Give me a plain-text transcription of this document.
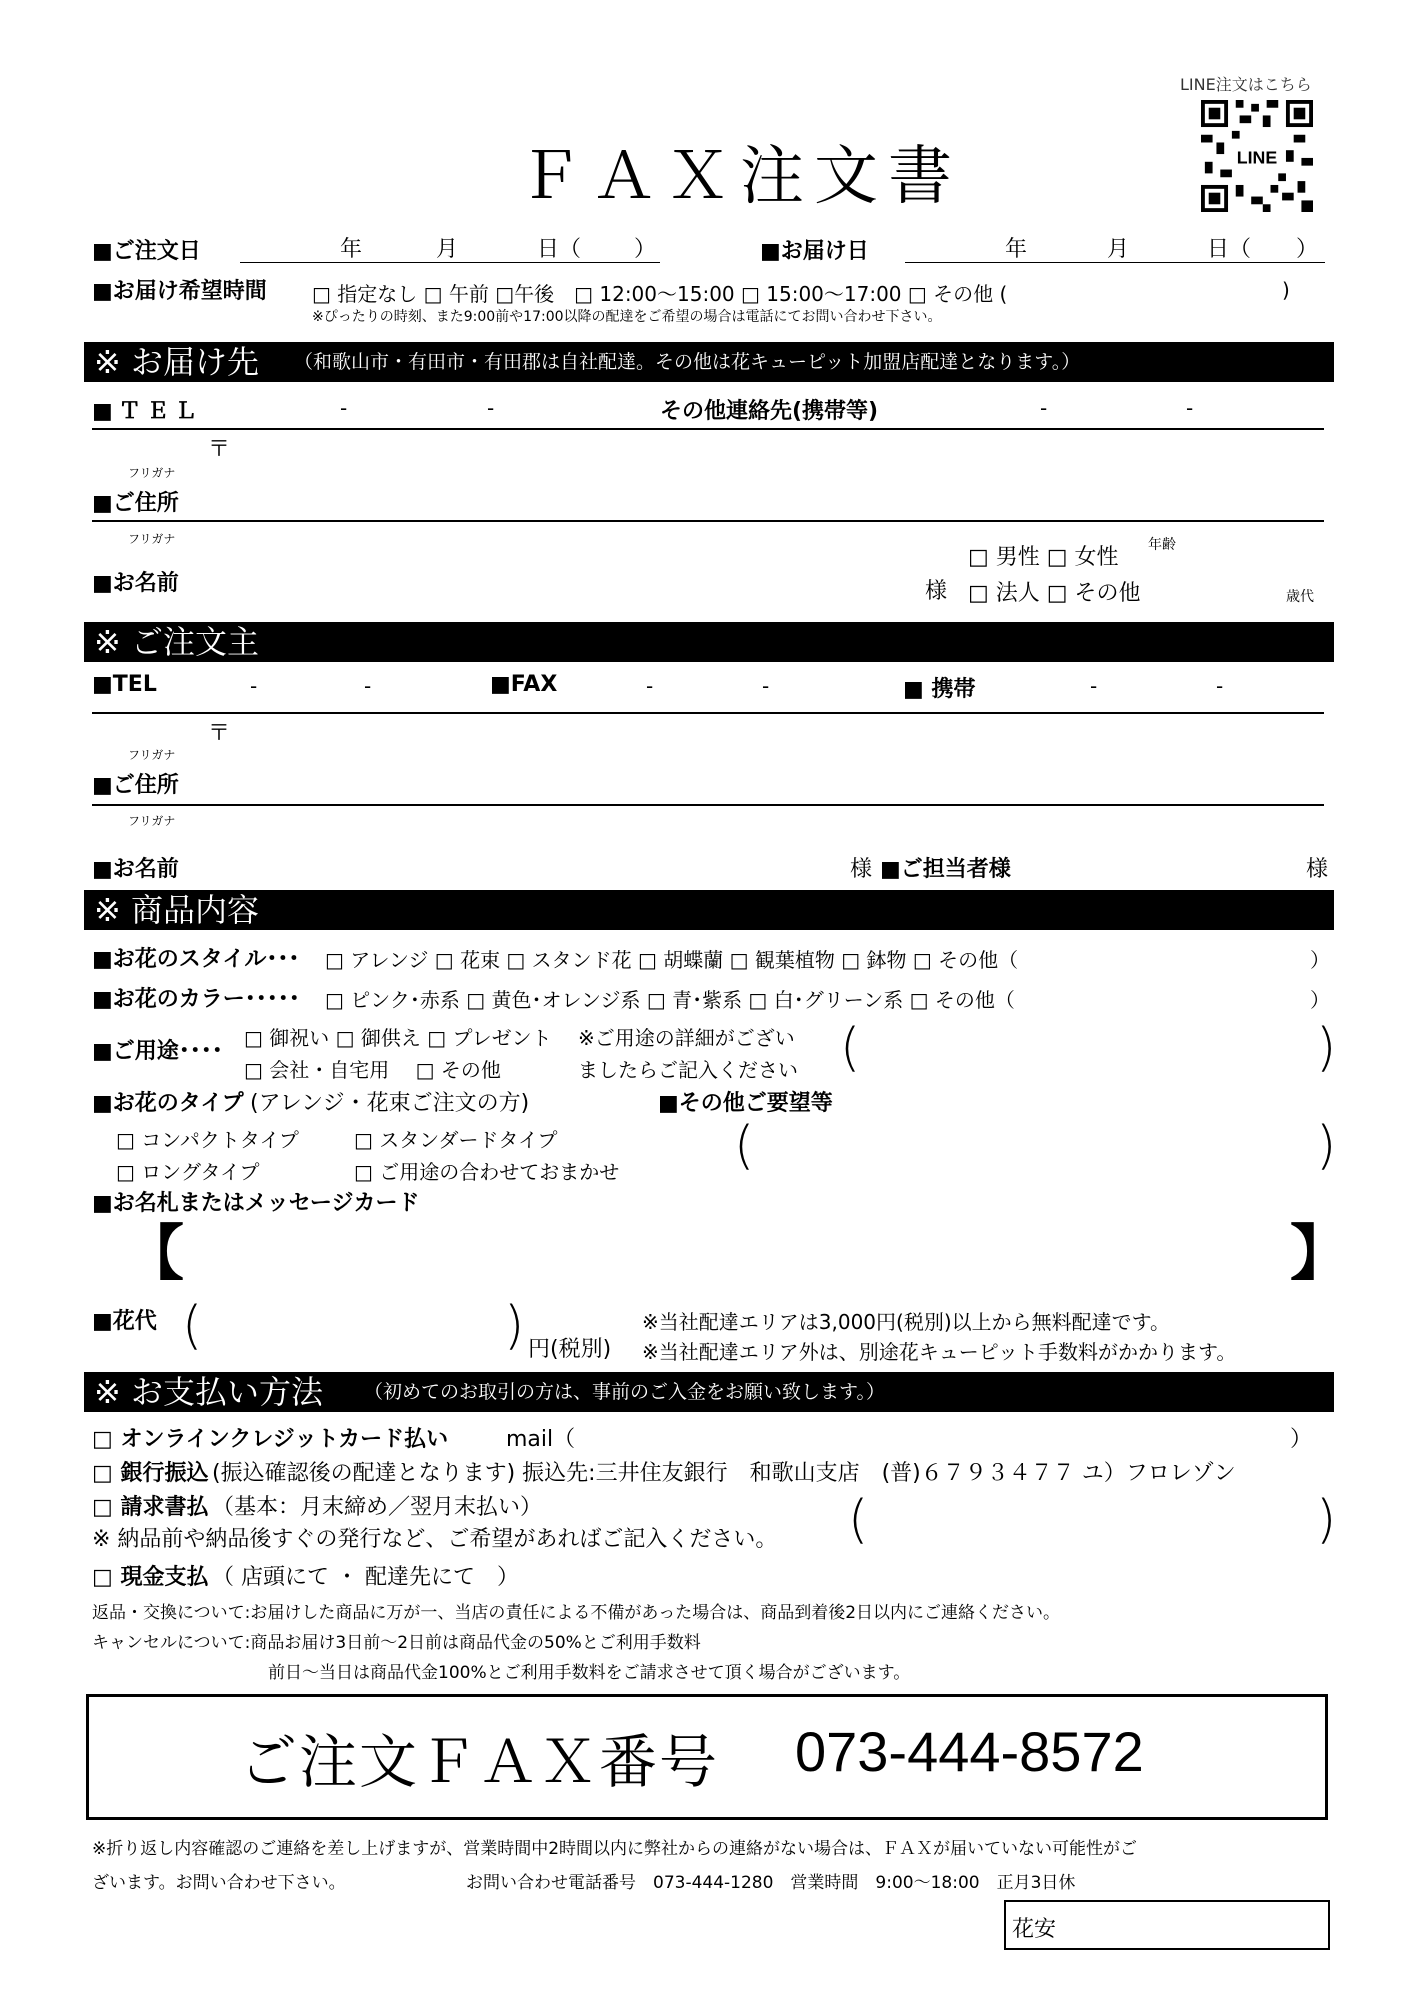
LINE注文はこちら
LINE
ＦＡＸ注文書
■ご注文日	年	月	日（ ）	■お届け日	年	月	日（ ）
■お届け希望時間 □ 指定なし □ 午前 □午後　□ 12:00〜15:00 □ 15:00〜17:00 □ その他 (	)
※ぴったりの時刻、また9:00前や17:00以降の配達をご希望の場合は電話にてお問い合わせ下さい。
※ お届け先 （和歌山市・有田市・有田郡は自社配達。その他は花キューピット加盟店配達となります。）
■ＴＥＬ	-	-	その他連絡先(携帯等)	-	-
〒
フリガナ
■ご住所
フリガナ
■お名前	様
□ 男性 □ 女性
□ 法人 □ その他
年齢
歳代
※ ご注文主
■TEL	-	-	■FAX	-	-	■ 携帯	-	-
〒
フリガナ
■ご住所
フリガナ
■お名前	様 ■ご担当者様	様
※ 商品内容
■お花のスタイル･･･ □ アレンジ □ 花束 □ スタンド花 □ 胡蝶蘭 □ 観葉植物 □ 鉢物 □ その他（	）
■お花のカラー･････ □ ピンク･赤系 □ 黄色･オレンジ系 □ 青･紫系 □ 白･グリーン系 □ その他（	）
■ご用途････
□ 御祝い □ 御供え □ プレゼント
□ 会社・自宅用　 □ その他
※ご用途の詳細がござい
ましたらご記入ください (	)
■お花のタイプ (アレンジ・花束ご注文の方)	■その他ご要望等
□ コンパクトタイプ	□ スタンダードタイプ
□ ロングタイプ	□ ご用途の合わせておまかせ (	)
■お名札またはメッセージカード
【	】
■花代 (	) 円(税別)
※当社配達エリアは3,000円(税別)以上から無料配達です。
※当社配達エリア外は、別途花キューピット手数料がかかります。
※ お支払い方法 （初めてのお取引の方は、事前のご入金をお願い致します。）
□ オンラインクレジットカード払い	mail（	）
□ 銀行振込 (振込確認後の配達となります) 振込先:三井住友銀行　和歌山支店　(普)６７９３４７７ ユ）フロレゾン
□ 請求書払 （基本：月末締め／翌月末払い）
※ 納品前や納品後すぐの発行など、ご希望があればご記入ください。 (	)
□ 現金支払 （ 店頭にて ・ 配達先にて　）
返品・交換について:お届けした商品に万が一、当店の責任による不備があった場合は、商品到着後2日以内にご連絡ください。
キャンセルについて:商品お届け3日前〜2日前は商品代金の50%とご利用手数料
前日〜当日は商品代金100%とご利用手数料をご請求させて頂く場合がございます。
ご注文ＦＡＸ番号 073-444-8572
※折り返し内容確認のご連絡を差し上げますが、営業時間中2時間以内に弊社からの連絡がない場合は、ＦＡＸが届いていない可能性がご
ざいます。お問い合わせ下さい。	お問い合わせ電話番号　073-444-1280　営業時間　9:00〜18:00　正月3日休
花安
